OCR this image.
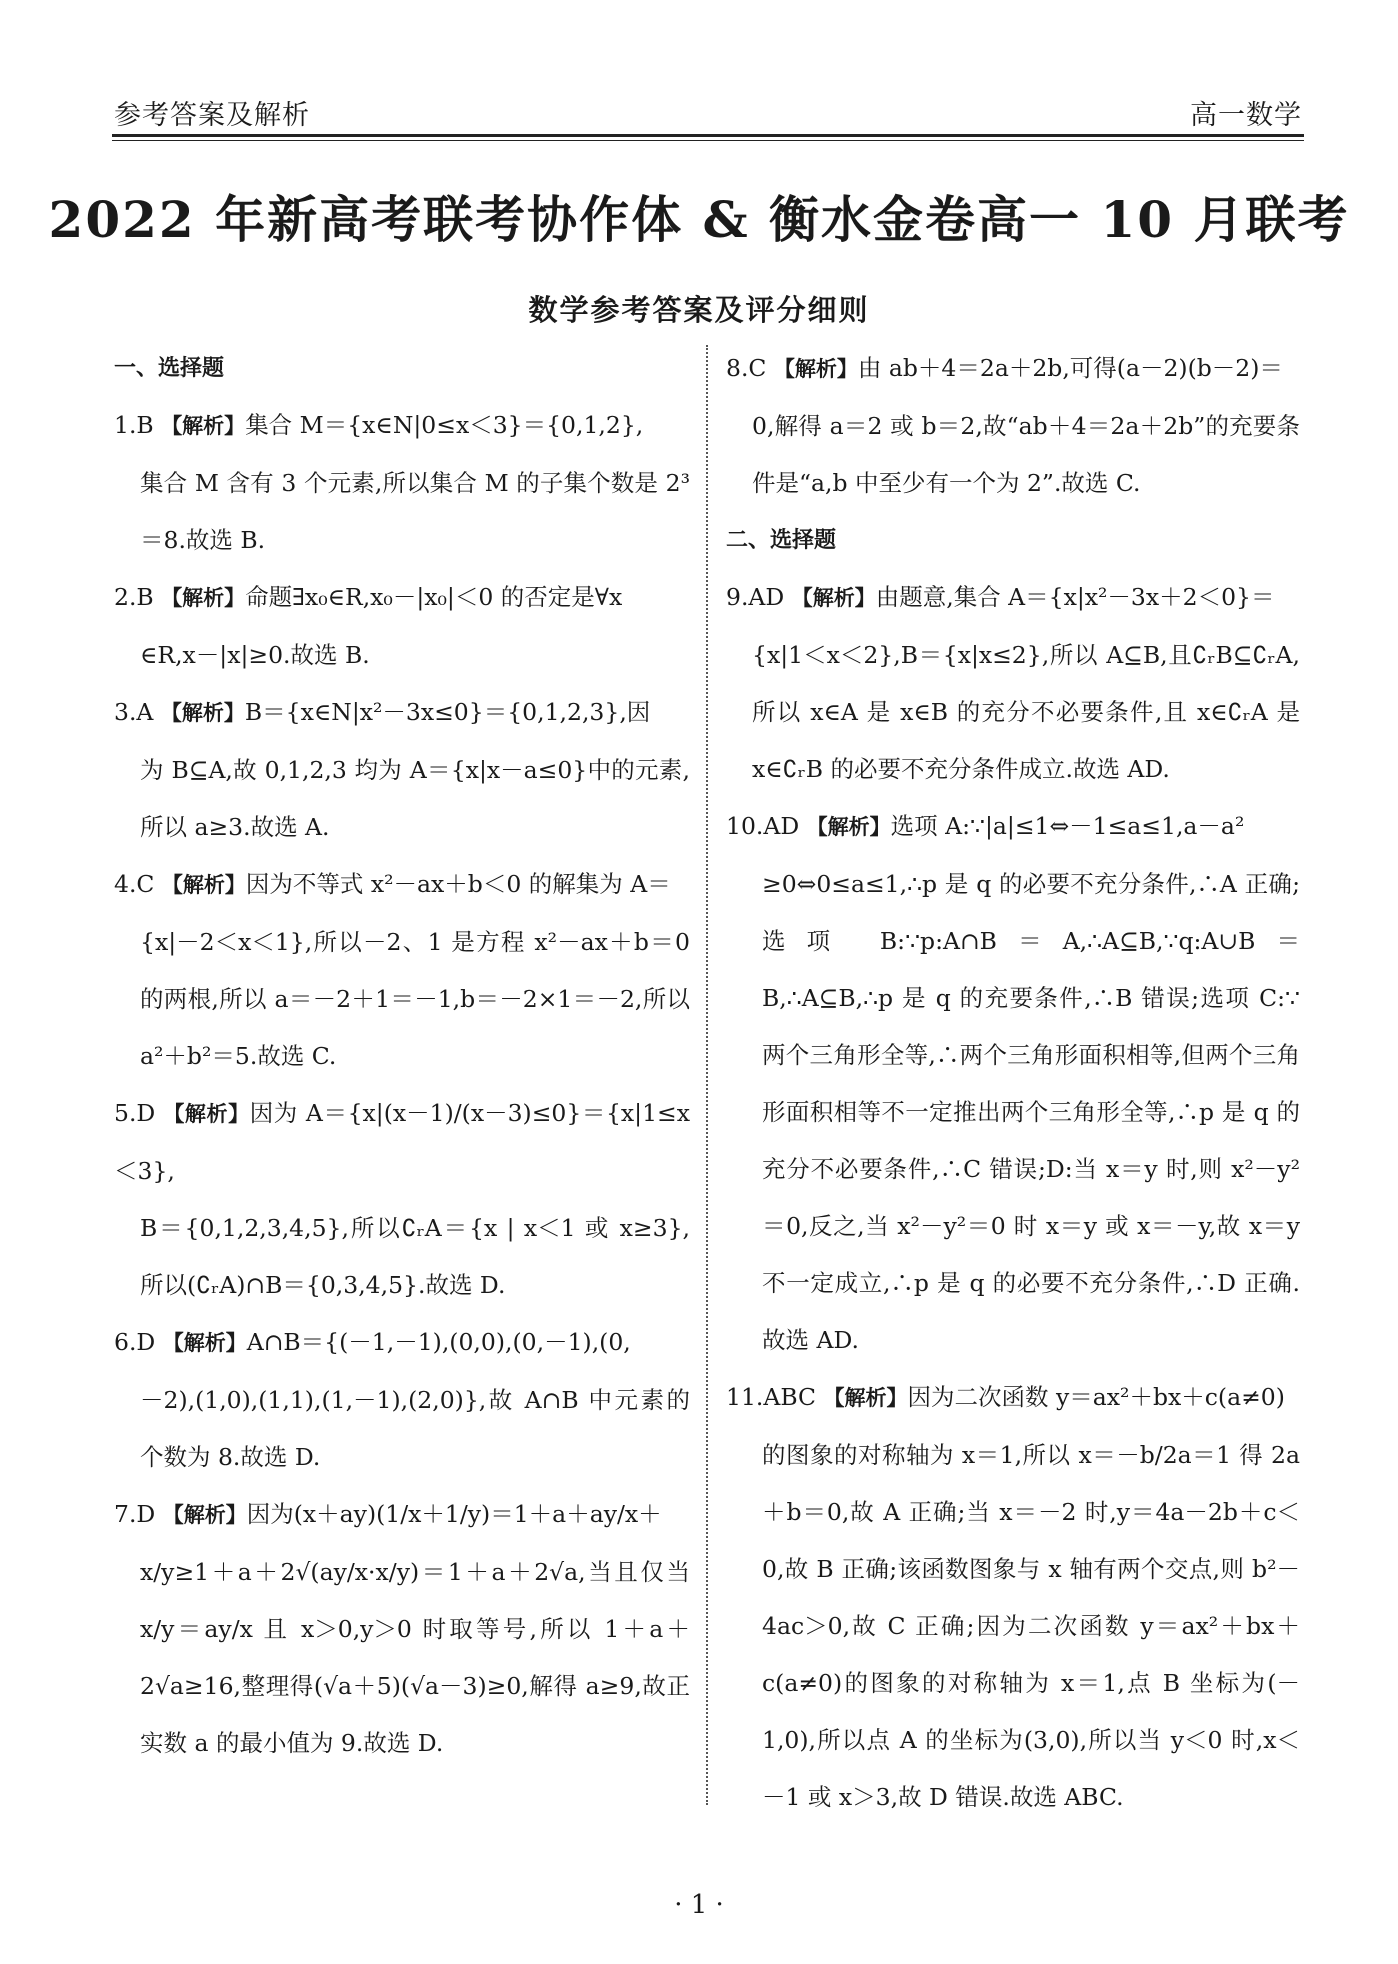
参考答案及解析	高一数学
2022 年新高考联考协作体 & 衡水金卷高一 10 月联考
数学参考答案及评分细则
一、选择题

1.B 【解析】集合 M＝{x∈N|0≤x＜3}＝{0,1,2},
集合 M 含有 3 个元素,所以集合 M 的子集个数是 2³＝8.故选 B.

2.B 【解析】命题∃x₀∈R,x₀－|x₀|＜0 的否定是∀x
∈R,x－|x|≥0.故选 B.

3.A 【解析】B＝{x∈N|x²－3x≤0}＝{0,1,2,3},因
为 B⊆A,故 0,1,2,3 均为 A＝{x|x－a≤0}中的元素,所以 a≥3.故选 A.

4.C 【解析】因为不等式 x²－ax＋b＜0 的解集为 A＝
{x|－2＜x＜1},所以－2、1 是方程 x²－ax＋b＝0 的两根,所以 a＝－2＋1＝－1,b＝－2×1＝－2,所以 a²＋b²＝5.故选 C.

5.D 【解析】因为 A＝{x|(x－1)/(x－3)≤0}＝{x|1≤x＜3},
B＝{0,1,2,3,4,5},所以∁ᵣA＝{x | x＜1 或 x≥3},所以(∁ᵣA)∩B＝{0,3,4,5}.故选 D.

6.D 【解析】A∩B＝{(－1,－1),(0,0),(0,－1),(0,
－2),(1,0),(1,1),(1,－1),(2,0)},故 A∩B 中元素的个数为 8.故选 D.

7.D 【解析】因为(x＋ay)(1/x＋1/y)＝1＋a＋ay/x＋
x/y≥1＋a＋2√(ay/x·x/y)＝1＋a＋2√a,当且仅当 x/y＝ay/x 且 x＞0,y＞0 时取等号,所以 1＋a＋2√a≥16,整理得(√a＋5)(√a－3)≥0,解得 a≥9,故正实数 a 的最小值为 9.故选 D.

8.C 【解析】由 ab＋4＝2a＋2b,可得(a－2)(b－2)＝
0,解得 a＝2 或 b＝2,故“ab＋4＝2a＋2b”的充要条件是“a,b 中至少有一个为 2”.故选 C.

二、选择题

9.AD 【解析】由题意,集合 A＝{x|x²－3x＋2＜0}＝
{x|1＜x＜2},B＝{x|x≤2},所以 A⊆B,且∁ᵣB⊆∁ᵣA,所以 x∈A 是 x∈B 的充分不必要条件,且 x∈∁ᵣA 是 x∈∁ᵣB 的必要不充分条件成立.故选 AD.

10.AD 【解析】选项 A:∵|a|≤1⇔－1≤a≤1,a－a²
≥0⇔0≤a≤1,∴p 是 q 的必要不充分条件,∴A 正确;选项 B:∵p:A∩B＝A,∴A⊆B,∵q:A∪B＝B,∴A⊆B,∴p 是 q 的充要条件,∴B 错误;选项 C:∵两个三角形全等,∴两个三角形面积相等,但两个三角形面积相等不一定推出两个三角形全等,∴p 是 q 的充分不必要条件,∴C 错误;D:当 x＝y 时,则 x²－y²＝0,反之,当 x²－y²＝0 时 x＝y 或 x＝－y,故 x＝y 不一定成立,∴p 是 q 的必要不充分条件,∴D 正确.故选 AD.

11.ABC 【解析】因为二次函数 y＝ax²＋bx＋c(a≠0)
的图象的对称轴为 x＝1,所以 x＝－b/2a＝1 得 2a＋b＝0,故 A 正确;当 x＝－2 时,y＝4a－2b＋c＜0,故 B 正确;该函数图象与 x 轴有两个交点,则 b²－4ac＞0,故 C 正确;因为二次函数 y＝ax²＋bx＋c(a≠0)的图象的对称轴为 x＝1,点 B 坐标为(－1,0),所以点 A 的坐标为(3,0),所以当 y＜0 时,x＜－1 或 x＞3,故 D 错误.故选 ABC.

· 1 ·
